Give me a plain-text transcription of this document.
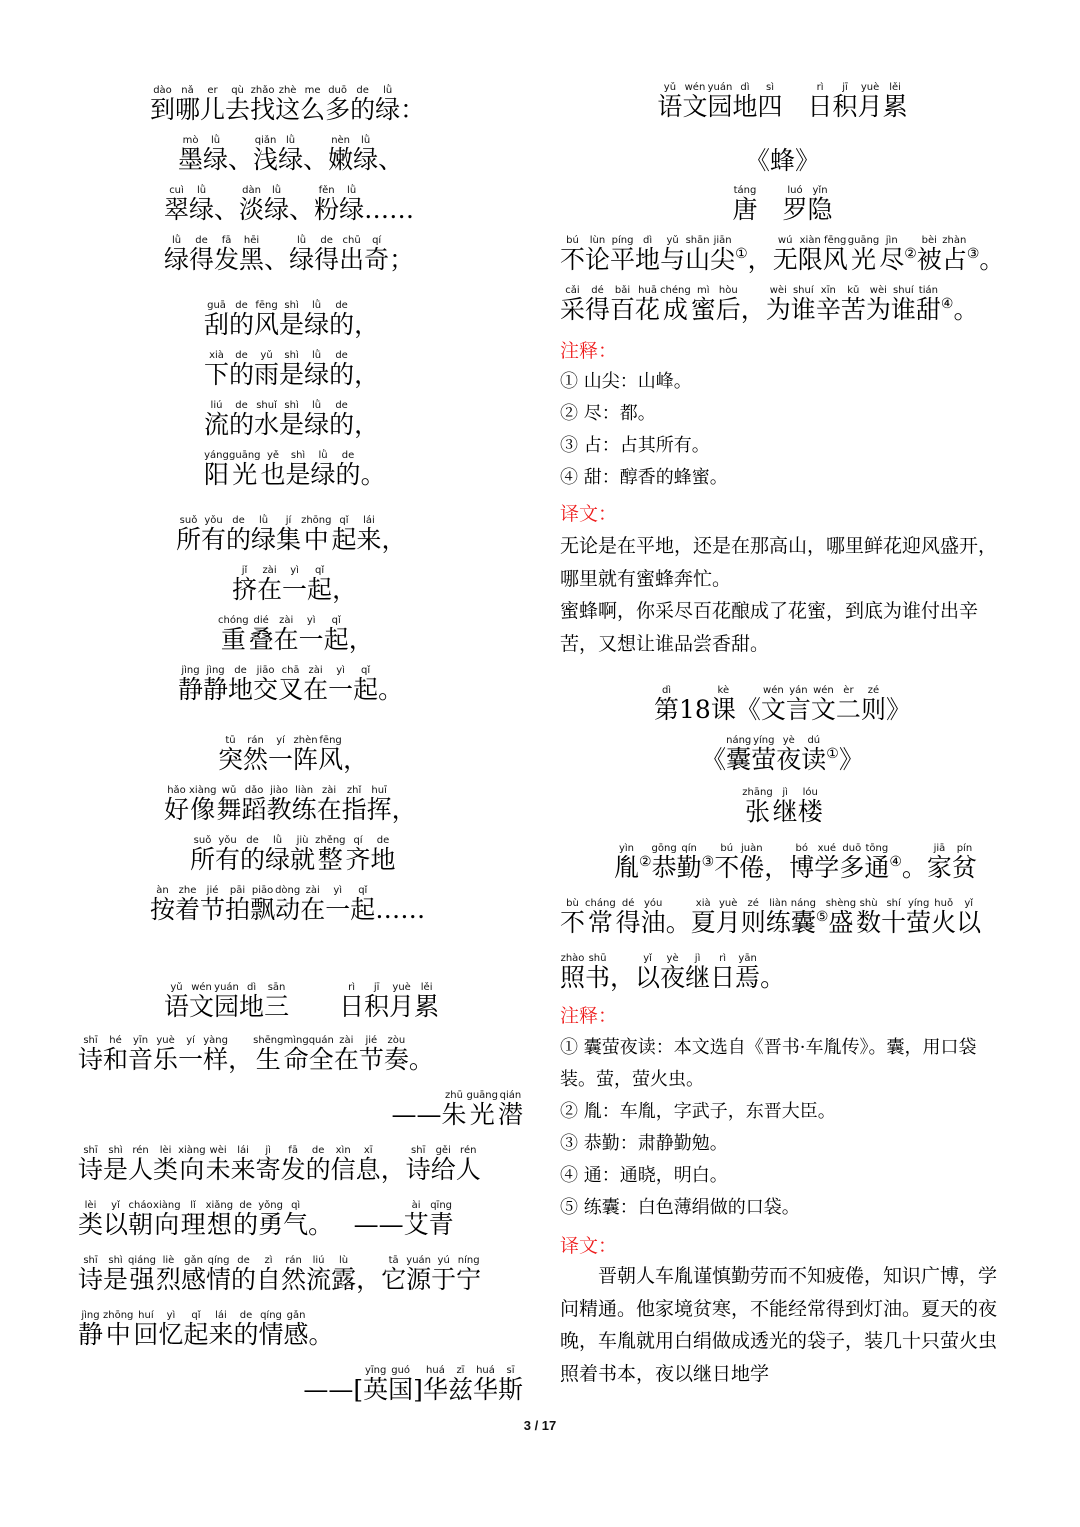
到dào哪nǎ儿er去qù找zhǎo这zhè么me多duō的de绿lǜ：
墨mò绿lǜ、 浅qiǎn绿lǜ、 嫩nèn绿lǜ、
翠cuì绿lǜ、 淡dàn绿lǜ、 粉fěn绿lǜ……
绿lǜ得de发fā黑hēi、 绿lǜ得de出chū奇qí；
刮guā的de风fēng是shì绿lǜ的de，
下xià的de雨yǔ是shì绿lǜ的de，
流liú的de水shuǐ是shì绿lǜ的de，
阳yáng光guāng也yě是shì绿lǜ的de。
所suǒ有yǒu的de绿lǜ集jí中zhōng起qǐ来lái，
挤jǐ在zài一yì起qǐ，
重chóng叠dié在zài一yì起qǐ，
静jìng静jìng地de交jiāo叉chā在zài一yì起qǐ。
突tū然rán一yí阵zhèn风fēng，
好hǎo像xiàng舞wǔ蹈dǎo教jiào练liàn在zài指zhǐ挥huī，
所suǒ有yǒu的de绿lǜ就jiù整zhěng齐qí地de
按àn着zhe节jié拍pāi飘piāo动dòng在zài一yì起qǐ……
语yǔ文wén园yuán地dì三sān　　 日rì积jī月yuè累lěi
诗shī和hé音yīn乐yuè一yí样yàng， 生shēng命mìng全quán在zài节jié奏zòu。
—— 朱zhū光guāng潜qián
诗shī是shì人rén类lèi向xiàng未wèi来lái寄jì发fā的de信xìn息xī， 诗shī给gěi人rén
类lèi以yǐ朝cháo向xiàng理lǐ想xiǎng的de勇yǒng气qì。　 —— 艾ài青qīng
诗shī是shì强qiáng烈liè感gǎn情qíng的de自zì然rán流liú露lù， 它tā源yuán于yú宁níng
静jìng中zhōng回huí忆yì起qǐ来lái的de情qíng感gǎn。
——[ 英yīng国guó] 华huá兹zī华huá斯sī
语yǔ文wén园yuán地dì四sì　 日rì积jī月yuè累lěi
《蜂》
唐táng　 罗luó隐yǐn
不bú论lùn平píng地dì与yǔ山shān尖jiān①， 无wú限xiàn风fēng光guāng尽jìn②被bèi占zhàn③。
采cǎi得dé百bǎi花huā成chéng蜜mì后hòu， 为wèi谁shuí辛xīn苦kǔ为wèi谁shuí甜tián④。
注释：
① 山尖：山峰。
② 尽：都。
③ 占：占其所有。
④ 甜：醇香的蜂蜜。
译文：
无论是在平地，还是在那高山，哪里鲜花迎风盛开，哪里就有蜜蜂奔忙。
蜜蜂啊，你采尽百花酿成了花蜜，到底为谁付出辛苦，又想让谁品尝香甜。
第dì18 课kè《 文wén言yán文wén二èr则zé》
《 囊náng萤yíng夜yè读dú①》
张zhāng继jì楼lóu
胤yìn②恭gōng勤qín③不bú倦juàn， 博bó学xué多duō通tōng④。 家jiā贫pín
不bù常cháng得dé油yóu。 夏xià月yuè则zé练liàn囊náng⑤盛shèng数shù十shí萤yíng火huǒ以yǐ
照zhào书shū， 以yǐ夜yè继jì日rì焉yān。
注释：
① 囊萤夜读：本文选自《晋书·车胤传》。囊，用口袋装。萤，萤火虫。
② 胤：车胤，字武子，东晋大臣。
③ 恭勤：肃静勤勉。
④ 通：通晓，明白。
⑤ 练囊：白色薄绢做的口袋。
译文：
晋朝人车胤谨慎勤劳而不知疲倦，知识广博，学问精通。他家境贫寒，不能经常得到灯油。夏天的夜晚，车胤就用白绢做成透光的袋子，装几十只萤火虫照着书本，夜以继日地学
3 / 17
